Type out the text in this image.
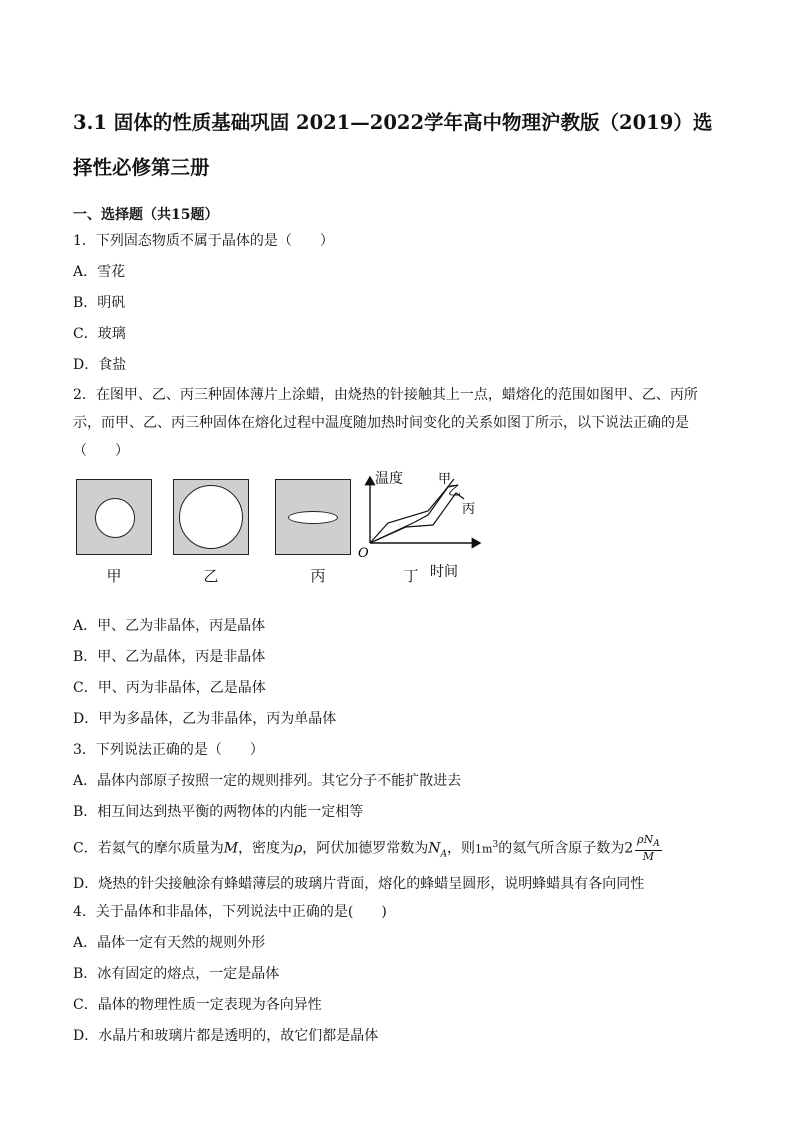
3.1 固体的性质基础巩固 2021—2022学年高中物理沪教版（2019）选择性必修第三册
一、选择题（共15题）
1．下列固态物质不属于晶体的是（　　）
A．雪花
B．明矾
C．玻璃
D．食盐
2．在图甲、乙、丙三种固体薄片上涂蜡，由烧热的针接触其上一点，蜡熔化的范围如图甲、乙、丙所示，而甲、乙、丙三种固体在熔化过程中温度随加热时间变化的关系如图丁所示，以下说法正确的是（　　）
温度
时间
O
甲
乙
丙
甲	乙	丙	丁
A．甲、乙为非晶体，丙是晶体
B．甲、乙为晶体，丙是非晶体
C．甲、丙为非晶体，乙是晶体
D．甲为多晶体，乙为非晶体，丙为单晶体
3．下列说法正确的是（　　）
A．晶体内部原子按照一定的规则排列。其它分子不能扩散进去
B．相互间达到热平衡的两物体的内能一定相等
C．若氦气的摩尔质量为M，密度为ρ，阿伏加德罗常数为$N_A$，则$1m^3$的氦气所含原子数为$2 \frac{\rho N_A}{M}$
D．烧热的针尖接触涂有蜂蜡薄层的玻璃片背面，熔化的蜂蜡呈圆形，说明蜂蜡具有各向同性
4．关于晶体和非晶体，下列说法中正确的是(　　)
A．晶体一定有天然的规则外形
B．冰有固定的熔点，一定是晶体
C．晶体的物理性质一定表现为各向异性
D．水晶片和玻璃片都是透明的，故它们都是晶体
